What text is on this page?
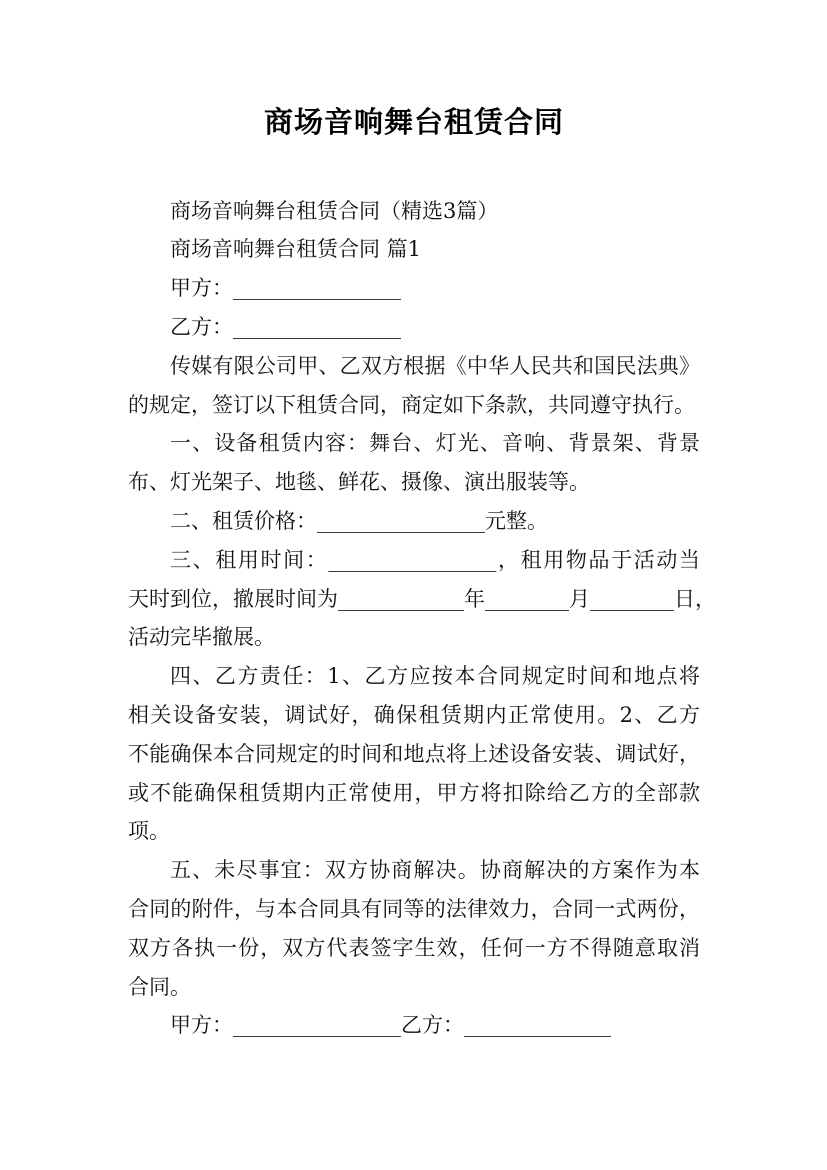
商场音响舞台租赁合同
商场音响舞台租赁合同（精选3篇）
商场音响舞台租赁合同 篇1
甲方：________________
乙方：________________
传媒有限公司甲、乙双方根据《中华人民共和国民法典》
的规定，签订以下租赁合同，商定如下条款，共同遵守执行。
一、设备租赁内容：舞台、灯光、音响、背景架、背景
布、灯光架子、地毯、鲜花、摄像、演出服装等。
二、租赁价格：________________元整。
三、租用时间：________________，租用物品于活动当
天时到位，撤展时间为____________年________月________日，
活动完毕撤展。
四、乙方责任：1、乙方应按本合同规定时间和地点将
相关设备安装，调试好，确保租赁期内正常使用。2、乙方
不能确保本合同规定的时间和地点将上述设备安装、调试好，
或不能确保租赁期内正常使用，甲方将扣除给乙方的全部款
项。
五、未尽事宜：双方协商解决。协商解决的方案作为本
合同的附件，与本合同具有同等的法律效力，合同一式两份，
双方各执一份，双方代表签字生效，任何一方不得随意取消
合同。
甲方：________________乙方：______________
